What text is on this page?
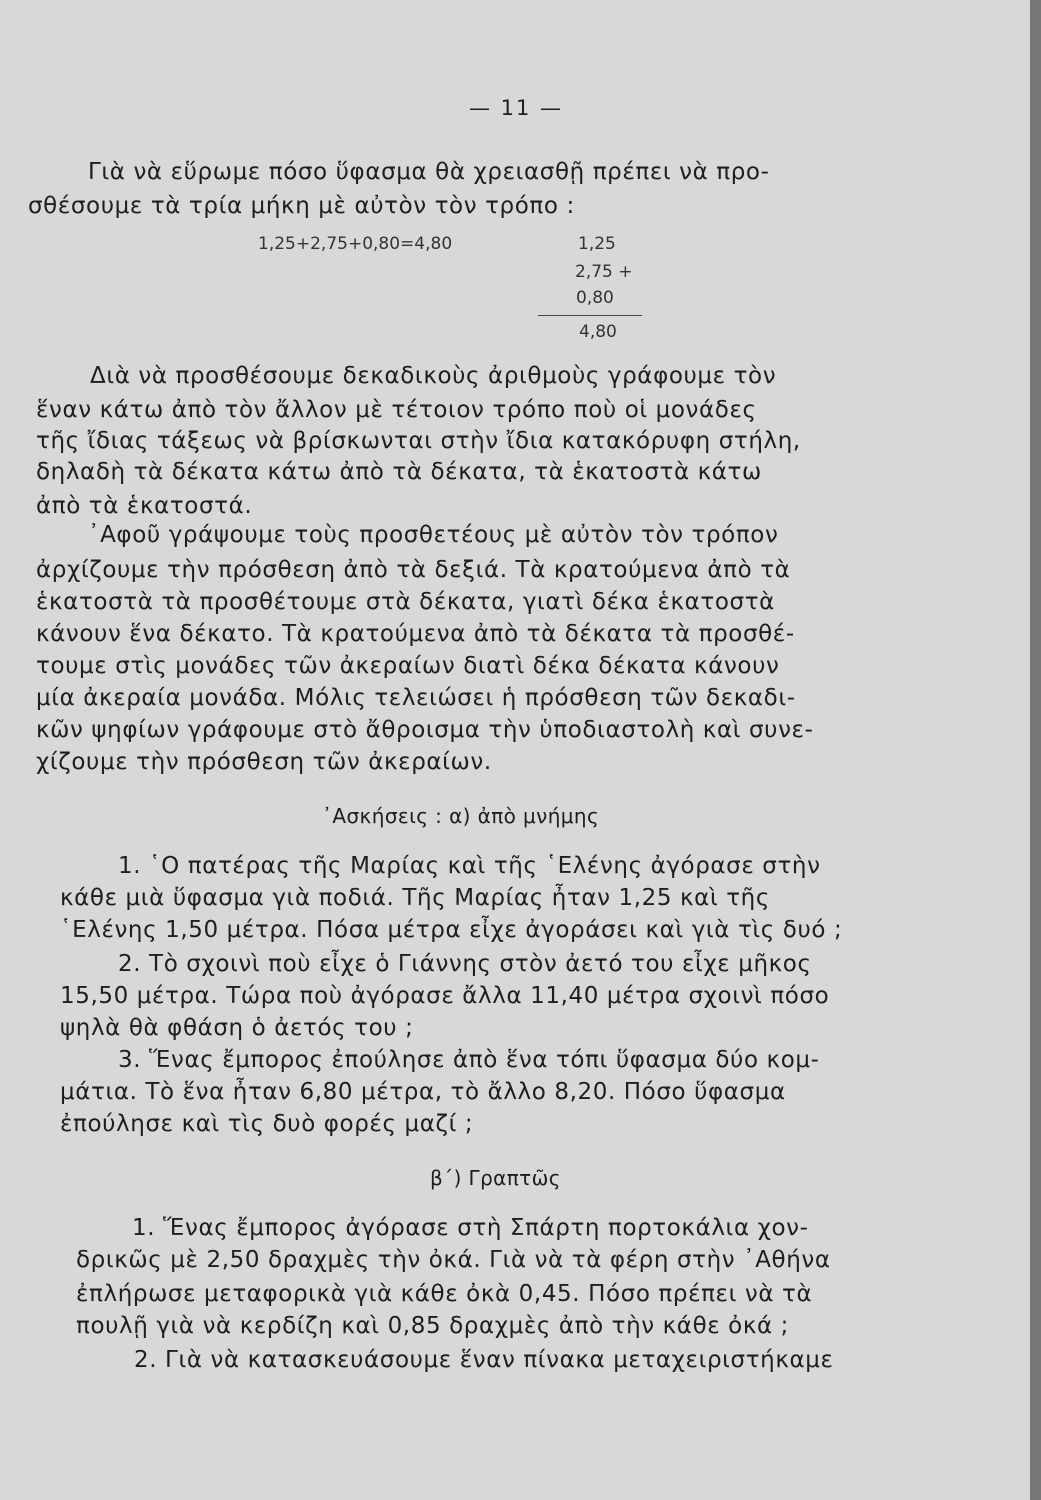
— 11 —
Γιὰ νὰ εὕρωμε πόσο ὕφασμα θὰ χρειασθῇ πρέπει νὰ προ-
σθέσουμε τὰ τρία μήκη μὲ αὐτὸν τὸν τρόπο :
1,25+2,75+0,80=4,80	1,25
2,75 +
0,80
4,80
Διὰ νὰ προσθέσουμε δεκαδικοὺς ἀριθμοὺς γράφουμε τὸν
ἕναν κάτω ἀπὸ τὸν ἄλλον μὲ τέτοιον τρόπο ποὺ οἱ μονάδες
τῆς ἴδιας τάξεως νὰ βρίσκωνται στὴν ἴδια κατακόρυφη στήλη,
δηλαδὴ τὰ δέκατα κάτω ἀπὸ τὰ δέκατα, τὰ ἑκατοστὰ κάτω
ἀπὸ τὰ ἑκατοστά.
᾿Αφοῦ γράψουμε τοὺς προσθετέους μὲ αὐτὸν τὸν τρόπον
ἀρχίζουμε τὴν πρόσθεση ἀπὸ τὰ δεξιά. Τὰ κρατούμενα ἀπὸ τὰ
ἑκατοστὰ τὰ προσθέτουμε στὰ δέκατα, γιατὶ δέκα ἑκατοστὰ
κάνουν ἕνα δέκατο. Τὰ κρατούμενα ἀπὸ τὰ δέκατα τὰ προσθέ-
τουμε στὶς μονάδες τῶν ἀκεραίων διατὶ δέκα δέκατα κάνουν
μία ἀκεραία μονάδα. Μόλις τελειώσει ἡ πρόσθεση τῶν δεκαδι-
κῶν ψηφίων γράφουμε στὸ ἄθροισμα τὴν ὑποδιαστολὴ καὶ συνε-
χίζουμε τὴν πρόσθεση τῶν ἀκεραίων.
᾿Ασκήσεις : α) ἀπὸ μνήμης
1. ῾Ο πατέρας τῆς Μαρίας καὶ τῆς ῾Ελένης ἀγόρασε στὴν
κάθε μιὰ ὕφασμα γιὰ ποδιά. Τῆς Μαρίας ἦταν 1,25 καὶ τῆς
῾Ελένης 1,50 μέτρα. Πόσα μέτρα εἶχε ἀγοράσει καὶ γιὰ τὶς δυό ;
2. Τὸ σχοινὶ ποὺ εἶχε ὁ Γιάννης στὸν ἀετό του εἶχε μῆκος
15,50 μέτρα. Τώρα ποὺ ἀγόρασε ἄλλα 11,40 μέτρα σχοινὶ πόσο
ψηλὰ θὰ φθάση ὁ ἀετός του ;
3. Ἕνας ἔμπορος ἐπούλησε ἀπὸ ἕνα τόπι ὕφασμα δύο κομ-
μάτια. Τὸ ἕνα ἦταν 6,80 μέτρα, τὸ ἄλλο 8,20. Πόσο ὕφασμα
ἐπούλησε καὶ τὶς δυὸ φορές μαζί ;
β΄) Γραπτῶς
1. Ἕνας ἔμπορος ἀγόρασε στὴ Σπάρτη πορτοκάλια χον-
δρικῶς μὲ 2,50 δραχμὲς τὴν ὀκά. Γιὰ νὰ τὰ φέρη στὴν ᾿Αθήνα
ἐπλήρωσε μεταφορικὰ γιὰ κάθε ὀκὰ 0,45. Πόσο πρέπει νὰ τὰ
πουλῇ γιὰ νὰ κερδίζη καὶ 0,85 δραχμὲς ἀπὸ τὴν κάθε ὀκά ;
2. Γιὰ νὰ κατασκευάσουμε ἕναν πίνακα μεταχειριστήκαμε
